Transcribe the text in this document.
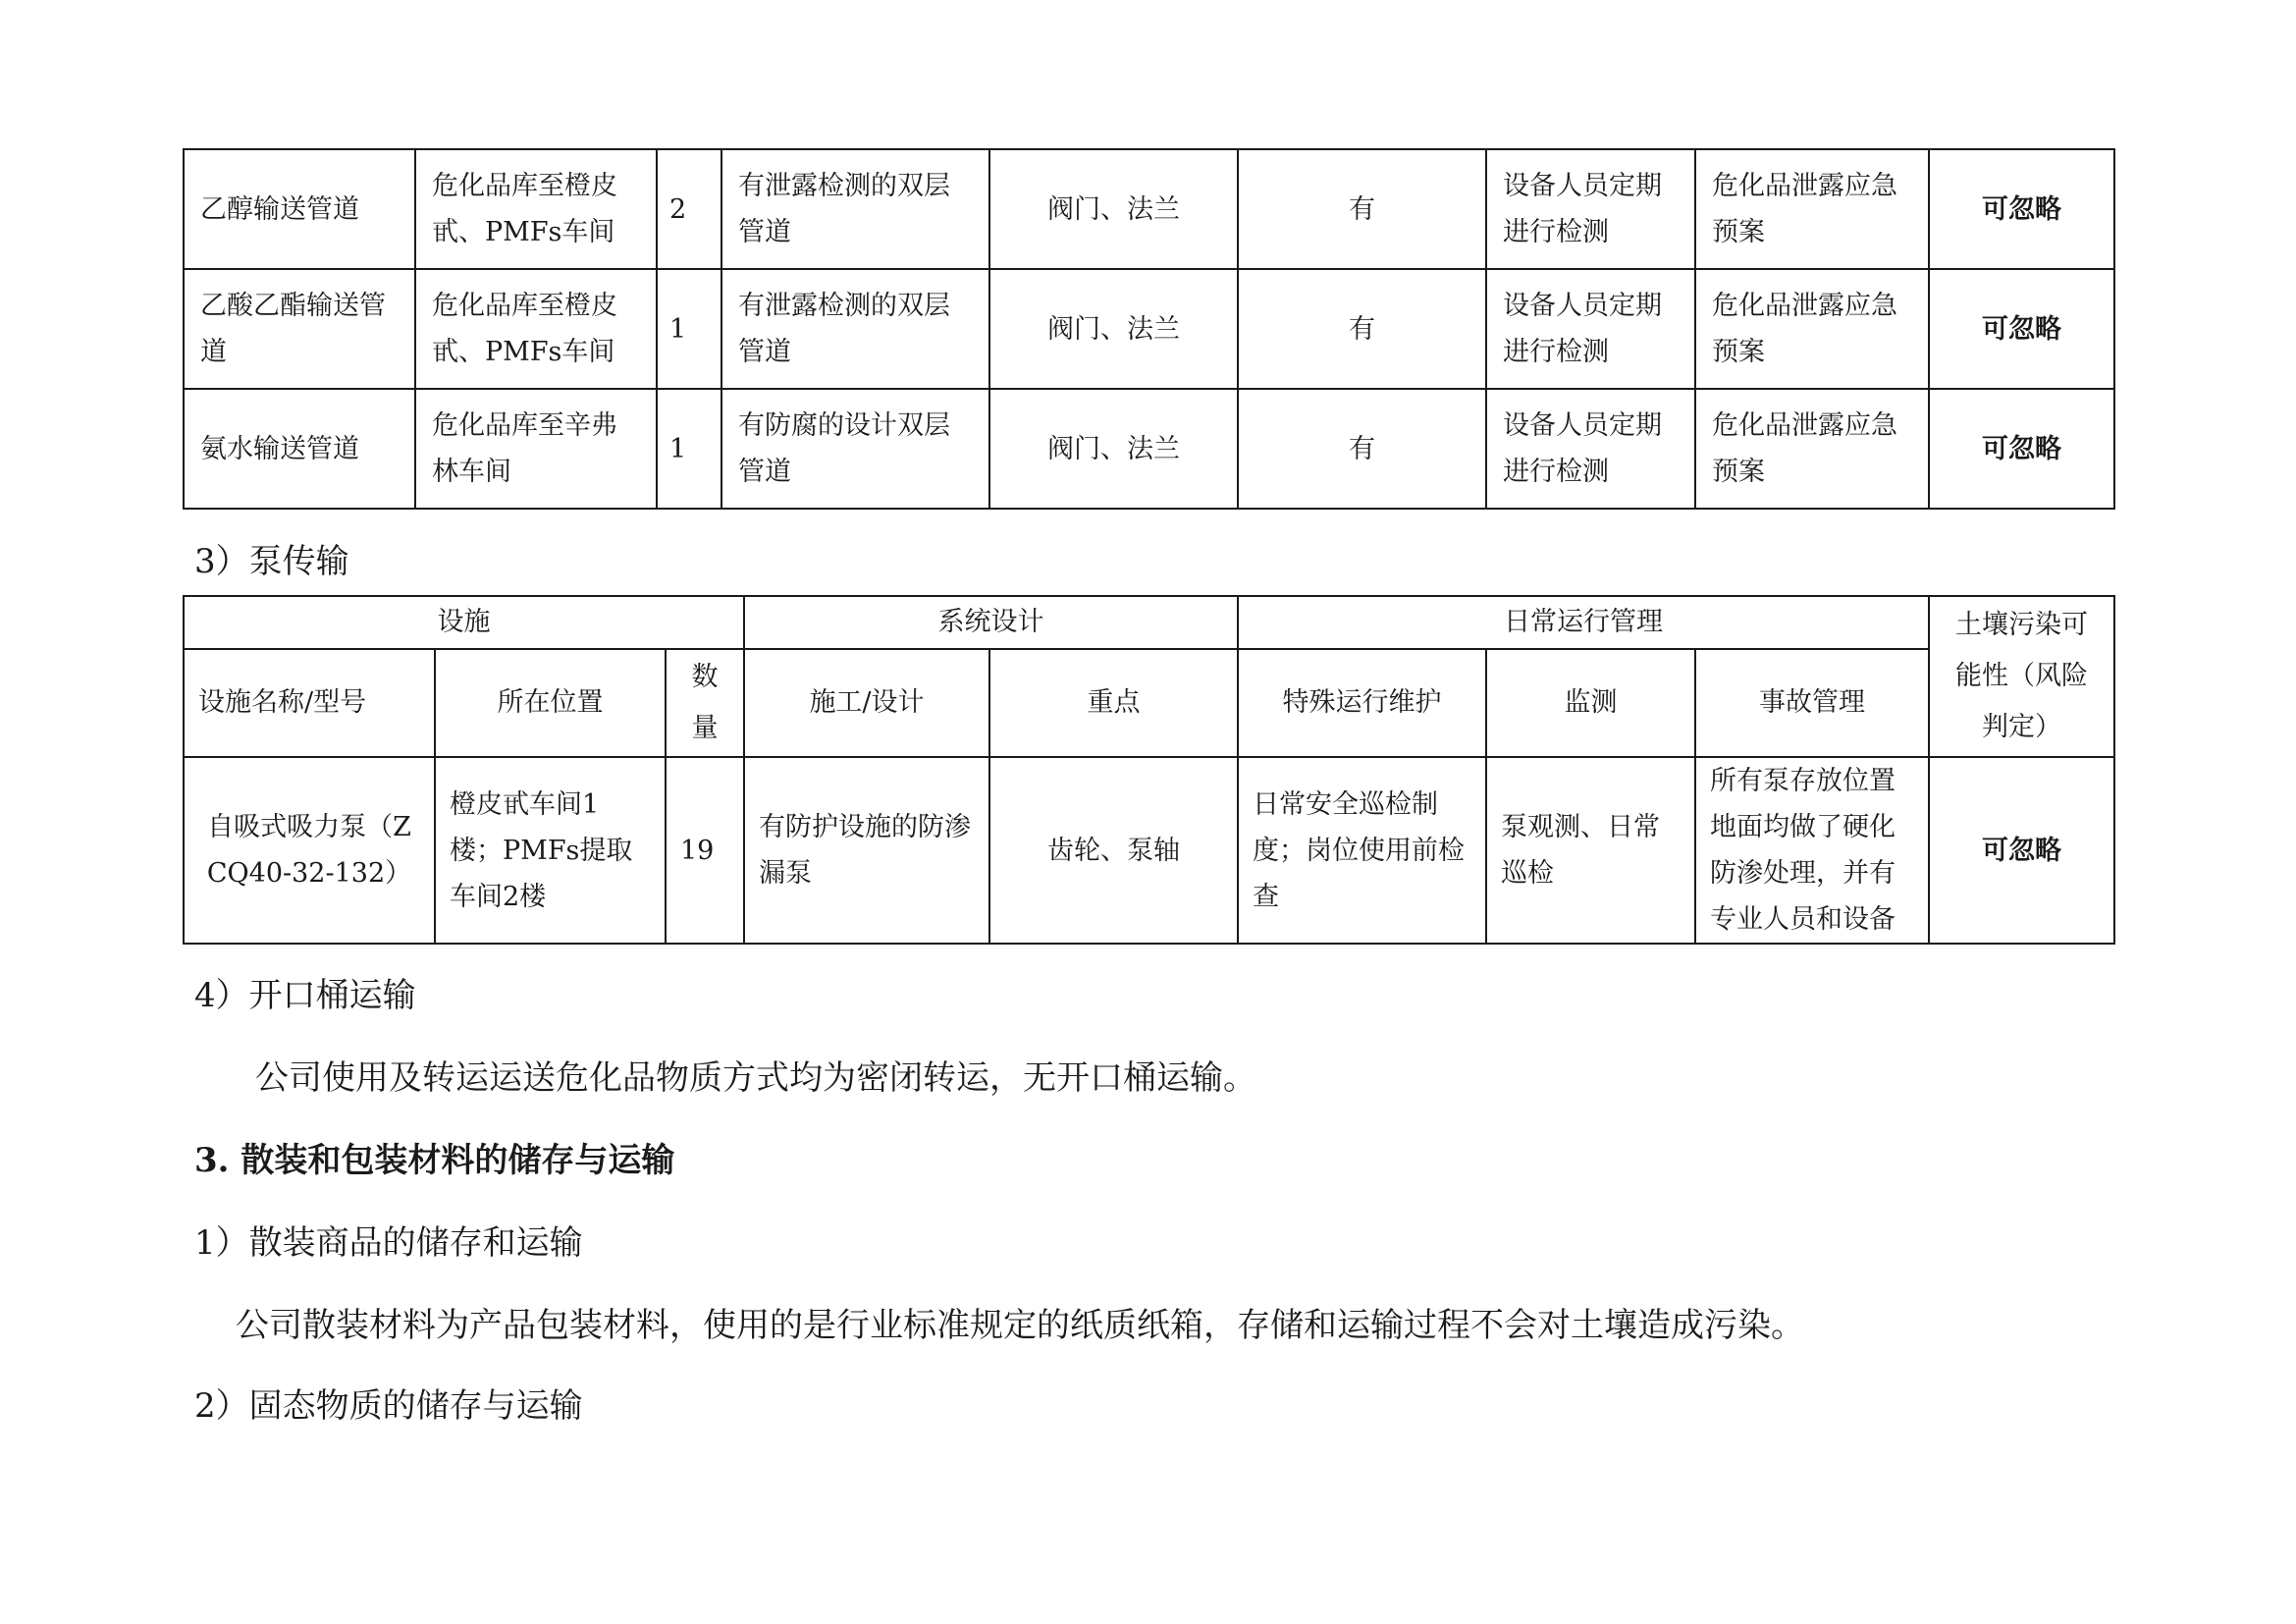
乙醇输送管道	危化品库至橙皮甙、PMFs车间	2	有泄露检测的双层管道	阀门、法兰	有	设备人员定期进行检测	危化品泄露应急预案	可忽略
乙酸乙酯输送管道	危化品库至橙皮甙、PMFs车间	1	有泄露检测的双层管道	阀门、法兰	有	设备人员定期进行检测	危化品泄露应急预案	可忽略
氨水输送管道	危化品库至辛弗林车间	1	有防腐的设计双层管道	阀门、法兰	有	设备人员定期进行检测	危化品泄露应急预案	可忽略

3）泵传输

设施			系统设计		日常运行管理			土壤污染可能性（风险判定）
设施名称/型号	所在位置	数量	施工/设计	重点	特殊运行维护	监测	事故管理	
自吸式吸力泵（ZCQ40-32-132）	橙皮甙车间1楼；PMFs提取车间2楼	19	有防护设施的防渗漏泵	齿轮、泵轴	日常安全巡检制度；岗位使用前检查	泵观测、日常巡检	所有泵存放位置地面均做了硬化防渗处理，并有专业人员和设备	可忽略

4）开口桶运输

公司使用及转运运送危化品物质方式均为密闭转运，无开口桶运输。

3. 散装和包装材料的储存与运输

1）散装商品的储存和运输

公司散装材料为产品包装材料，使用的是行业标准规定的纸质纸箱，存储和运输过程不会对土壤造成污染。

2）固态物质的储存与运输
